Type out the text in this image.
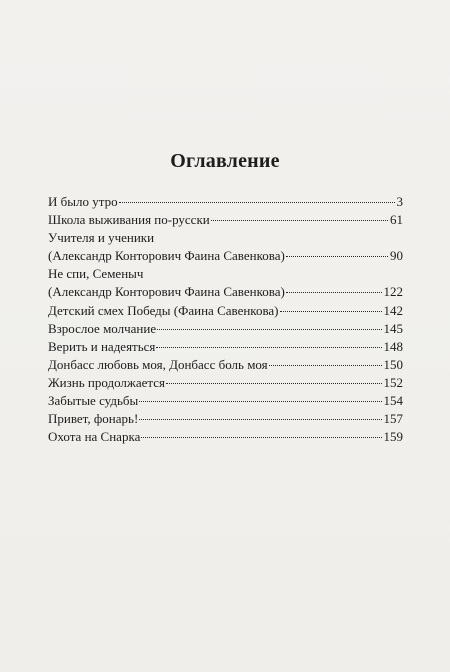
Оглавление
И было утро	3
Школа выживания по-русски	61
Учителя и ученики
(Александр Конторович Фаина Савенкова)	90
Не спи, Семеныч
(Александр Конторович Фаина Савенкова)	122
Детский смех Победы (Фаина Савенкова)	142
Взрослое молчание	145
Верить и надеяться	148
Донбасс любовь моя, Донбасс боль моя	150
Жизнь продолжается	152
Забытые судьбы	154
Привет, фонарь!	157
Охота на Снарка	159
